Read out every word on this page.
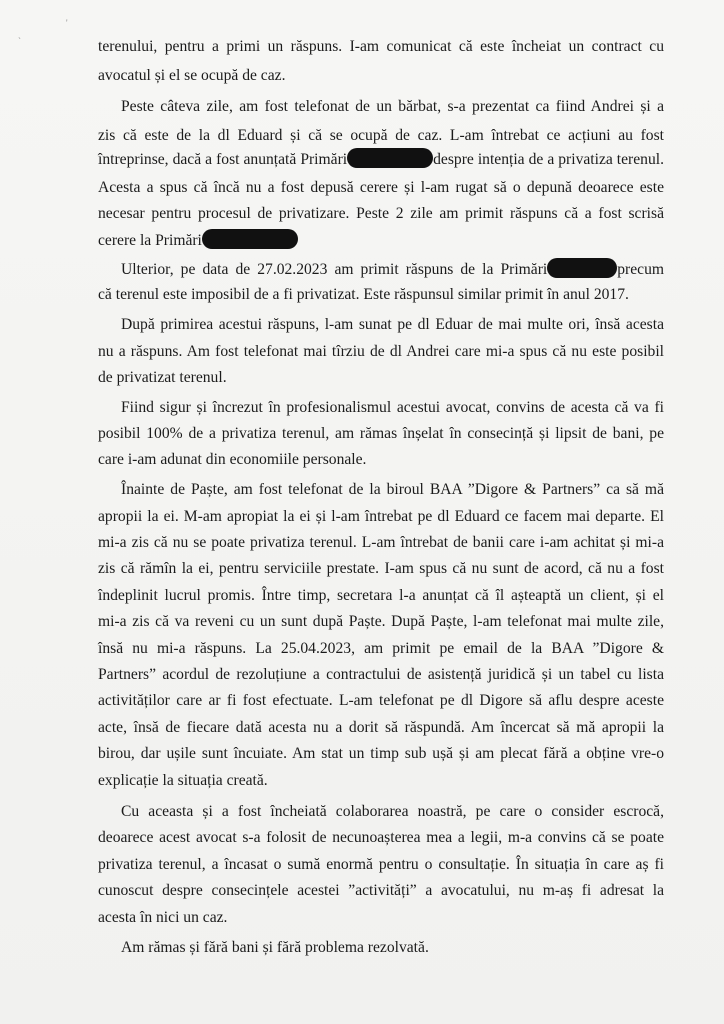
`
'
terenului, pentru a primi un răspuns. I-am comunicat că este încheiat un contract cu
avocatul și el se ocupă de caz.
Peste câteva zile, am fost telefonat de un bărbat, s-a prezentat ca fiind Andrei și a
zis că este de la dl Eduard și că se ocupă de caz. L-am întrebat ce acțiuni au fost
întreprinse, dacă a fost anunțată Primări	despre intenția de a privatiza terenul.
Acesta a spus că încă nu a fost depusă cerere și l-am rugat să o depună deoarece este
necesar pentru procesul de privatizare. Peste 2 zile am primit răspuns că a fost scrisă
cerere la Primări
Ulterior, pe data de 27.02.2023 am primit răspuns de la Primări	precum
că terenul este imposibil de a fi privatizat. Este răspunsul similar primit în anul 2017.
După primirea acestui răspuns, l-am sunat pe dl Eduar de mai multe ori, însă acesta
nu a răspuns. Am fost telefonat mai tîrziu de dl Andrei care mi-a spus că nu este posibil
de privatizat terenul.
Fiind sigur și încrezut în profesionalismul acestui avocat, convins de acesta că va fi
posibil 100% de a privatiza terenul, am rămas înșelat în consecință și lipsit de bani, pe
care i-am adunat din economiile personale.
Înainte de Paște, am fost telefonat de la biroul BAA ”Digore & Partners” ca să mă
apropii la ei. M-am apropiat la ei și l-am întrebat pe dl Eduard ce facem mai departe. El
mi-a zis că nu se poate privatiza terenul. L-am întrebat de banii care i-am achitat și mi-a
zis că rămîn la ei, pentru serviciile prestate. I-am spus că nu sunt de acord, că nu a fost
îndeplinit lucrul promis. Între timp, secretara l-a anunțat că îl așteaptă un client, și el
mi-a zis că va reveni cu un sunt după Paște. După Paște, l-am telefonat mai multe zile,
însă nu mi-a răspuns. La 25.04.2023, am primit pe email de la BAA ”Digore &
Partners” acordul de rezoluțiune a contractului de asistență juridică și un tabel cu lista
activităților care ar fi fost efectuate. L-am telefonat pe dl Digore să aflu despre aceste
acte, însă de fiecare dată acesta nu a dorit să răspundă. Am încercat să mă apropii la
birou, dar ușile sunt încuiate. Am stat un timp sub ușă și am plecat fără a obține vre-o
explicație la situația creată.
Cu aceasta și a fost încheiată colaborarea noastră, pe care o consider escrocă,
deoarece acest avocat s-a folosit de necunoașterea mea a legii, m-a convins că se poate
privatiza terenul, a încasat o sumă enormă pentru o consultație. În situația în care aș fi
cunoscut despre consecințele acestei ”activități” a avocatului, nu m-aș fi adresat la
acesta în nici un caz.
Am rămas și fără bani și fără problema rezolvată.
